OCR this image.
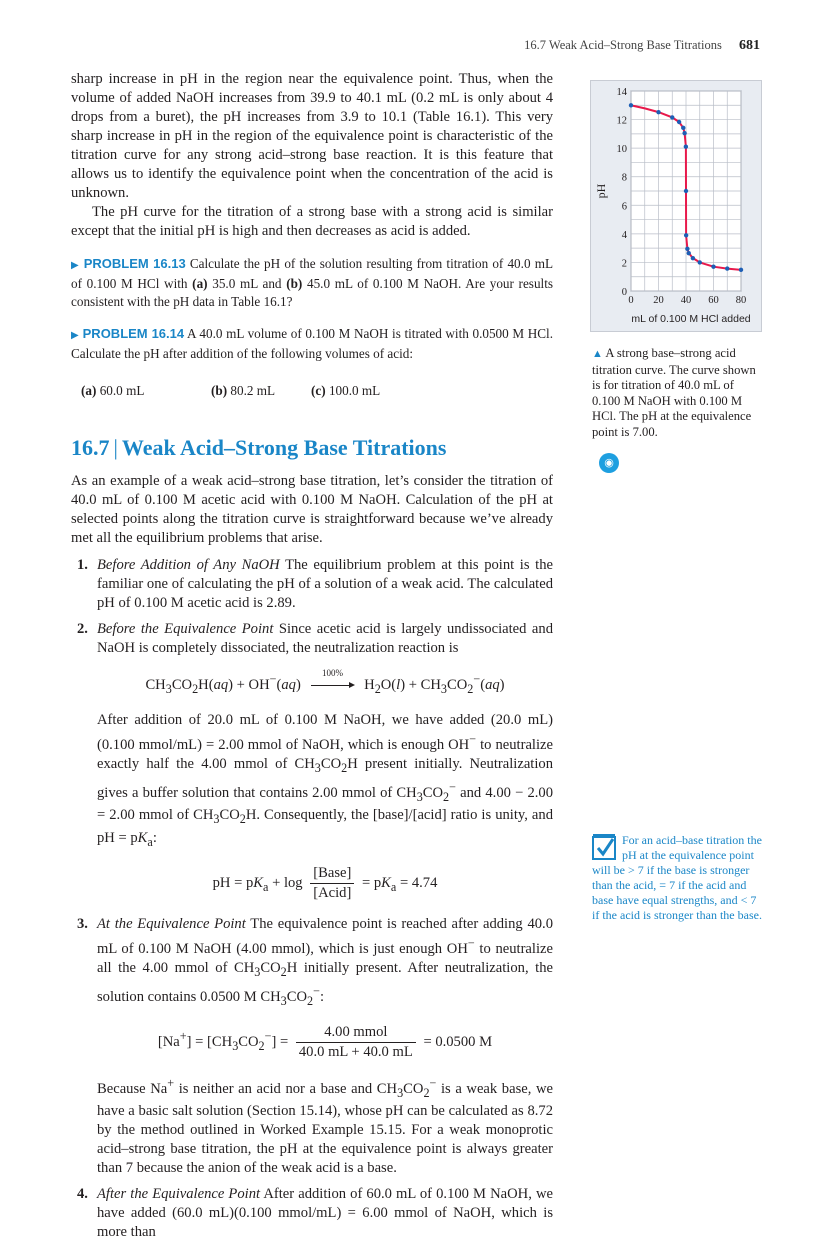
16.7 Weak Acid–Strong Base Titrations 681

sharp increase in pH in the region near the equivalence point. Thus, when the volume of added NaOH increases from 39.9 to 40.1 mL (0.2 mL is only about 4 drops from a buret), the pH increases from 3.9 to 10.1 (Table 16.1). This very sharp increase in pH in the region of the equivalence point is characteristic of the titration curve for any strong acid–strong base reaction. It is this feature that allows us to identify the equivalence point when the concentration of the acid is unknown.

The pH curve for the titration of a strong base with a strong acid is similar except that the initial pH is high and then decreases as acid is added.

▶ PROBLEM 16.13 Calculate the pH of the solution resulting from titration of 40.0 mL of 0.100 M HCl with (a) 35.0 mL and (b) 45.0 mL of 0.100 M NaOH. Are your results consistent with the pH data in Table 16.1?
▶ PROBLEM 16.14 A 40.0 mL volume of 0.100 M NaOH is titrated with 0.0500 M HCl. Calculate the pH after addition of the following volumes of acid:
(a) 60.0 mL	(b) 80.2 mL	(c) 100.0 mL
16.7 | Weak Acid–Strong Base Titrations

As an example of a weak acid–strong base titration, let’s consider the titration of 40.0 mL of 0.100 M acetic acid with 0.100 M NaOH. Calculation of the pH at selected points along the titration curve is straightforward because we’ve already met all the equilibrium problems that arise.

1. Before Addition of Any NaOH The equilibrium problem at this point is the familiar one of calculating the pH of a solution of a weak acid. The calculated pH of 0.100 M acetic acid is 2.89.

2. Before the Equivalence Point Since acetic acid is largely undissociated and NaOH is completely dissociated, the neutralization reaction is

$CH_3CO_2H(aq) + OH^-(aq)$
100%
$H_2O(l) + CH_3CO_2^-(aq)$

After addition of 20.0 mL of 0.100 M NaOH, we have added (20.0 mL) (0.100 mmol/mL) = 2.00 mmol of NaOH, which is enough OH− to neutralize exactly half the 4.00 mmol of $CH_3CO_2H$ present initially. Neutralization gives a buffer solution that contains 2.00 mmol of $CH_3CO_2^-$ and 4.00 − 2.00 = 2.00 mmol of $CH_3CO_2H$. Consequently, the [base]/[acid] ratio is unity, and pH = $pK_a$:

pH = $pK_a + \log \frac{\text{[Base]}}{\text{[Acid]}} = pK_a = 4.74$
3. At the Equivalence Point The equivalence point is reached after adding 40.0 mL of 0.100 M NaOH (4.00 mmol), which is just enough OH− to neutralize all the 4.00 mmol of $CH_3CO_2H$ initially present. After neutralization, the solution contains 0.0500 M $CH_3CO_2^-$:

$[Na^+] = [CH_3CO_2^-] = \frac{\text{4.00 mmol}}{40.0 mL + 40.0 mL} = 0.0500$ M

Because Na+ is neither an acid nor a base and $CH_3CO_2^-$ is a weak base, we have a basic salt solution (Section 15.14), whose pH can be calculated as 8.72 by the method outlined in Worked Example 15.15. For a weak monoprotic acid–strong base titration, the pH at the equivalence point is always greater than 7 because the anion of the weak acid is a base.

4. After the Equivalence Point After addition of 60.0 mL of 0.100 M NaOH, we have added (60.0 mL)(0.100 mmol/mL) = 6.00 mmol of NaOH, which is more than

0
2
4
6
8
10
12
14
0 20 40 60 80
pH
mL of 0.100 M HCl added
▲ A strong base–strong acid titration curve. The curve shown is for titration of 40.0 mL of 0.100 M NaOH with 0.100 M HCl. The pH at the equivalence point is 7.00.
◉
For an acid–base titration the pH at the equivalence point will be > 7 if the base is stronger than the acid, = 7 if the acid and base have equal strengths, and < 7 if the acid is stronger than the base.
